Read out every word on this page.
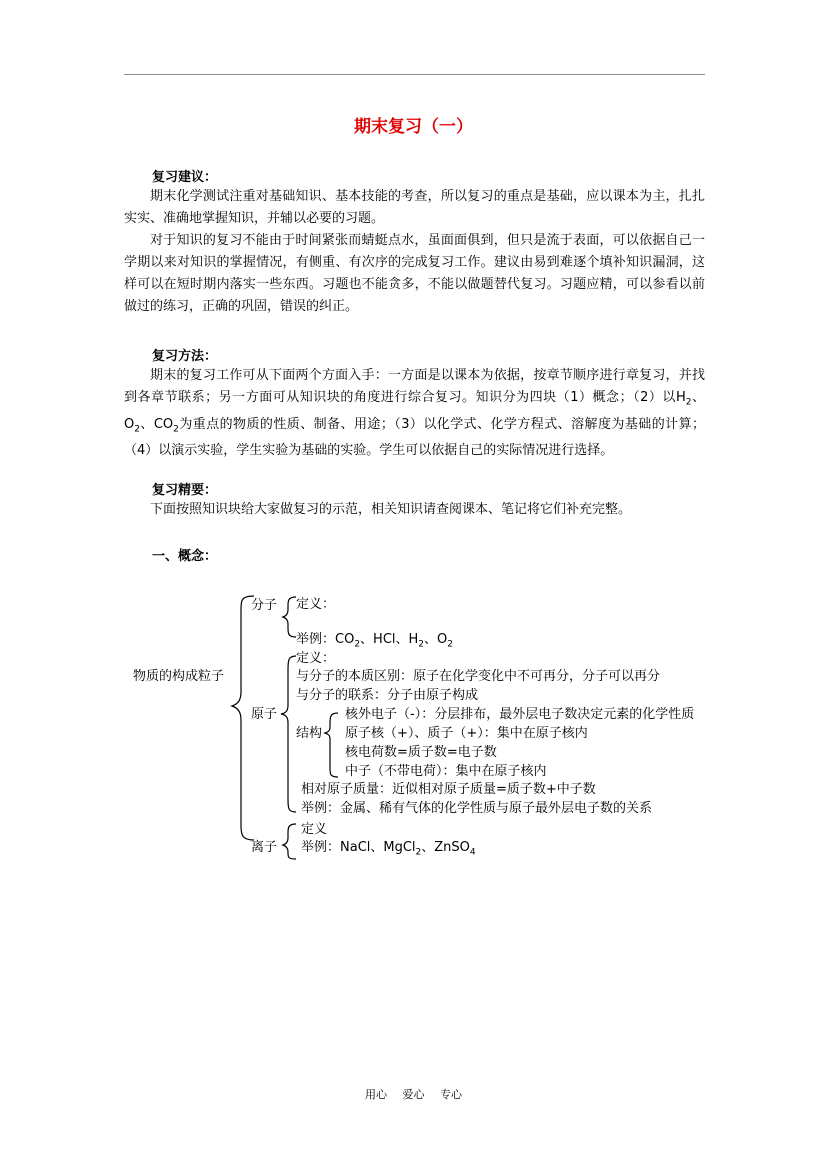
期末复习（一）
复习建议：

期末化学测试注重对基础知识、基本技能的考查，所以复习的重点是基础，应以课本为主，扎扎实实、准确地掌握知识，并辅以必要的习题。

对于知识的复习不能由于时间紧张而蜻蜓点水，虽面面俱到，但只是流于表面，可以依据自己一学期以来对知识的掌握情况，有侧重、有次序的完成复习工作。建议由易到难逐个填补知识漏洞，这样可以在短时期内落实一些东西。习题也不能贪多，不能以做题替代复习。习题应精，可以参看以前做过的练习，正确的巩固，错误的纠正。

复习方法：

期末的复习工作可从下面两个方面入手：一方面是以课本为依据，按章节顺序进行章复习，并找到各章节联系；另一方面可从知识块的角度进行综合复习。知识分为四块（1）概念；（2）以$H_2$、$O_2$、$CO_2$为重点的物质的性质、制备、用途；（3）以化学式、化学方程式、溶解度为基础的计算；（4）以演示实验，学生实验为基础的实验。学生可以依据自己的实际情况进行选择。

复习精要：

下面按照知识块给大家做复习的示范，相关知识请查阅课本、笔记将它们补充完整。

一、概念：
物质的构成粒子
分子 定义：
举例：$CO_2$、HCl、$H_2$、$O_2$
原子
定义：
与分子的本质区别：原子在化学变化中不可再分，分子可以再分
与分子的联系：分子由原子构成
结构
核外电子（-）：分层排布，最外层电子数决定元素的化学性质
原子核（+）、质子（+）：集中在原子核内
核电荷数=质子数=电子数
中子（不带电荷）：集中在原子核内
相对原子质量：近似相对原子质量=质子数+中子数
举例：金属、稀有气体的化学性质与原子最外层电子数的关系
离子
定义
举例：NaCl、MgCl$_2$、ZnSO$_4$
用心 爱心 专心
